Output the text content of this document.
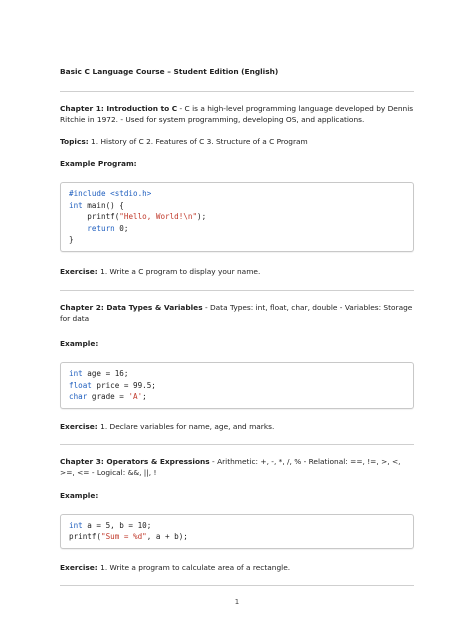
Basic C Language Course – Student Edition (English)
Chapter 1: Introduction to C - C is a high-level programming language developed by Dennis Ritchie in 1972. - Used for system programming, developing OS, and applications.
Topics: 1. History of C 2. Features of C 3. Structure of a C Program
Example Program:
#include <stdio.h>
int main() {
printf("Hello, World!\n");
return 0;
}
Exercise: 1. Write a C program to display your name.
Chapter 2: Data Types & Variables - Data Types: int, float, char, double - Variables: Storage for data
Example:
int age = 16;
float price = 99.5;
char grade = 'A';
Exercise: 1. Declare variables for name, age, and marks.
Chapter 3: Operators & Expressions - Arithmetic: +, -, *, /, % - Relational: ==, !=, >, <, >=, <= - Logical: &&, ||, !
Example:
int a = 5, b = 10;
printf("Sum = %d", a + b);
Exercise: 1. Write a program to calculate area of a rectangle.
1
